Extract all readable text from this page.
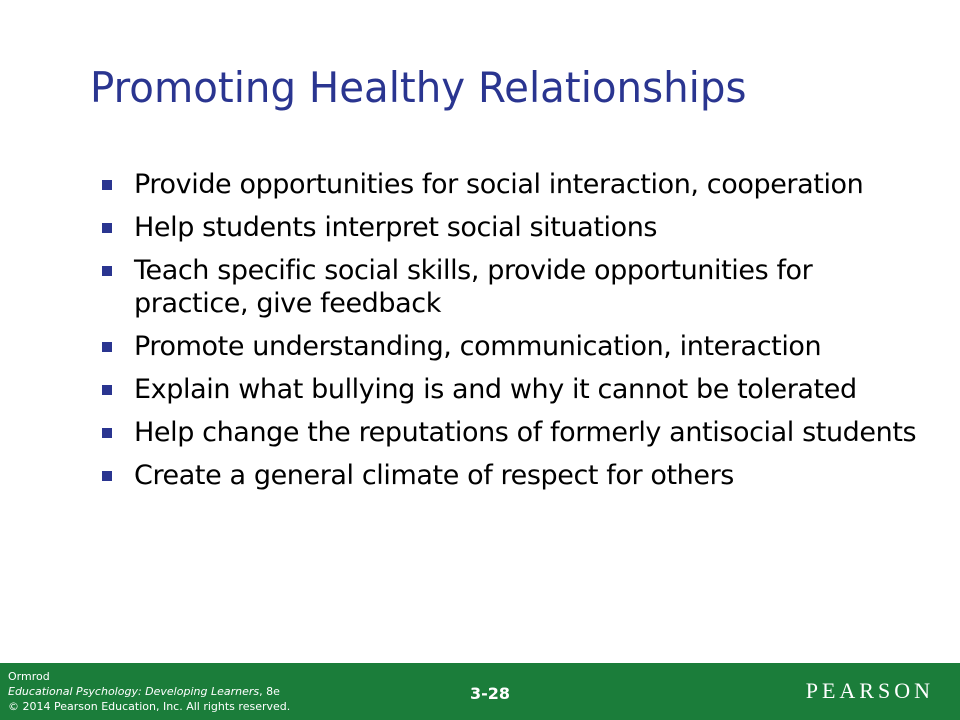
Promoting Healthy Relationships
Provide opportunities for social interaction, cooperation
Help students interpret social situations
Teach specific social skills, provide opportunities for practice, give feedback
Promote understanding, communication, interaction
Explain what bullying is and why it cannot be tolerated
Help change the reputations of formerly antisocial students
Create a general climate of respect for others
Ormrod
Educational Psychology: Developing Learners, 8e
© 2014 Pearson Education, Inc. All rights reserved.
3-28	PEARSON
